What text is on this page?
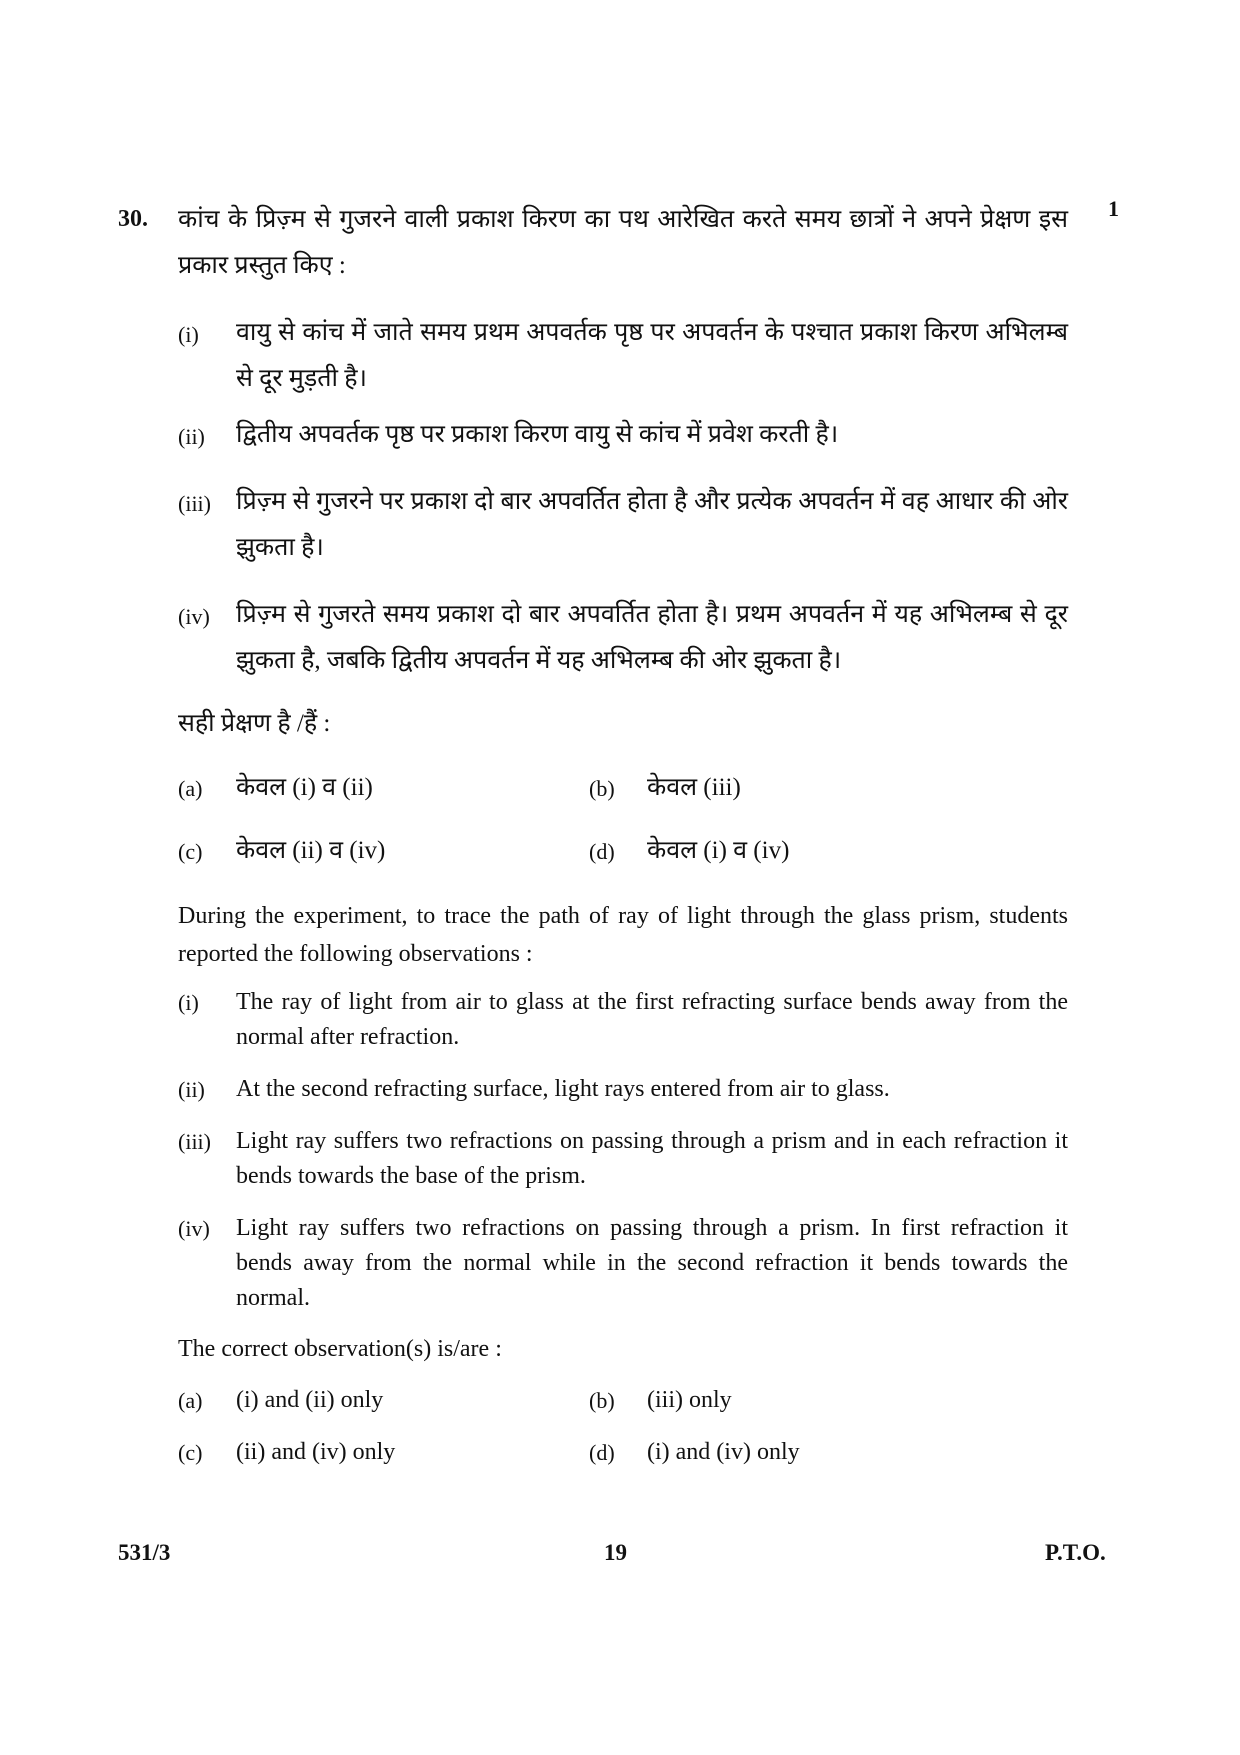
30.	1
कांच के प्रिज़्म से गुजरने वाली प्रकाश किरण का पथ आरेखित करते समय छात्रों ने अपने प्रेक्षण इस प्रकार प्रस्तुत किए :
(i) वायु से कांच में जाते समय प्रथम अपवर्तक पृष्ठ पर अपवर्तन के पश्चात प्रकाश किरण अभिलम्ब से दूर मुड़ती है।
(ii) द्वितीय अपवर्तक पृष्ठ पर प्रकाश किरण वायु से कांच में प्रवेश करती है।
(iii) प्रिज़्म से गुजरने पर प्रकाश दो बार अपवर्तित होता है और प्रत्येक अपवर्तन में वह आधार की ओर झुकता है।
(iv) प्रिज़्म से गुजरते समय प्रकाश दो बार अपवर्तित होता है। प्रथम अपवर्तन में यह अभिलम्ब से दूर झुकता है, जबकि द्वितीय अपवर्तन में यह अभिलम्ब की ओर झुकता है।
सही प्रेक्षण है /हैं :
(a) केवल (i) व (ii)	(b) केवल (iii)
(c) केवल (ii) व (iv)	(d) केवल (i) व (iv)
During the experiment, to trace the path of ray of light through the glass prism, students reported the following observations :
(i) The ray of light from air to glass at the first refracting surface bends away from the normal after refraction.
(ii) At the second refracting surface, light rays entered from air to glass.
(iii) Light ray suffers two refractions on passing through a prism and in each refraction it bends towards the base of the prism.
(iv) Light ray suffers two refractions on passing through a prism. In first refraction it bends away from the normal while in the second refraction it bends towards the normal.
The correct observation(s) is/are :
(a) (i) and (ii) only	(b) (iii) only
(c) (ii) and (iv) only	(d) (i) and (iv) only
531/3	19	P.T.O.
